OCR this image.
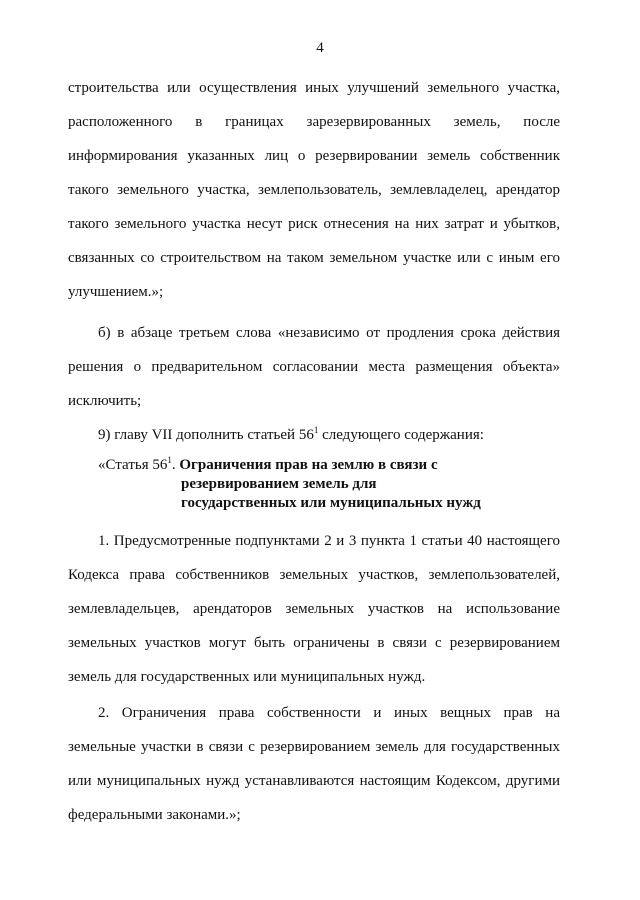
4
строительства или осуществления иных улучшений земельного участка,
расположенного в границах зарезервированных земель, после
информирования указанных лиц о резервировании земель собственник
такого земельного участка, землепользователь, землевладелец, арендатор
такого земельного участка несут риск отнесения на них затрат и убытков,
связанных со строительством на таком земельном участке или с иным его
улучшением.»;
б) в абзаце третьем слова «независимо от продления срока действия
решения о предварительном согласовании места размещения объекта»
исключить;
9) главу VII дополнить статьей $56^1$ следующего содержания:
«Статья $56^1$. Ограничения прав на землю в связи с
резервированием земель для
государственных или муниципальных нужд
1. Предусмотренные подпунктами 2 и 3 пункта 1 статьи 40 настоящего
Кодекса права собственников земельных участков, землепользователей,
землевладельцев, арендаторов земельных участков на использование
земельных участков могут быть ограничены в связи с резервированием
земель для государственных или муниципальных нужд.
2. Ограничения права собственности и иных вещных прав на
земельные участки в связи с резервированием земель для государственных
или муниципальных нужд устанавливаются настоящим Кодексом, другими
федеральными законами.»;
